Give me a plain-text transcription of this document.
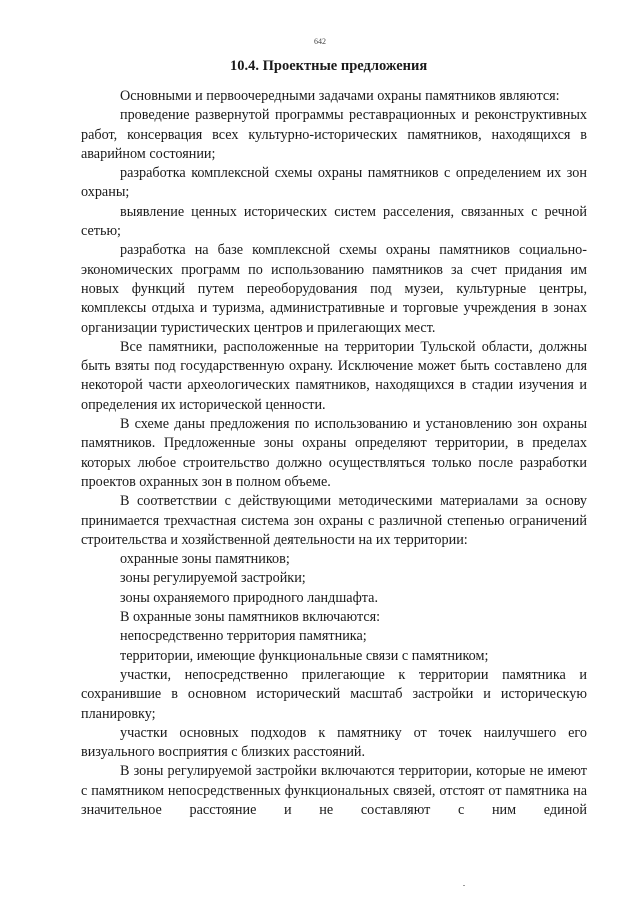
642
10.4. Проектные предложения

Основными и первоочередными задачами охраны памятников являются:

проведение развернутой программы реставрационных и реконструктивных работ, консервация всех культурно-исторических памятников, находящихся в аварийном состоянии;

разработка комплексной схемы охраны памятников с определением их зон охраны;

выявление ценных исторических систем расселения, связанных с речной сетью;

разработка на базе комплексной схемы охраны памятников социально-экономических программ по использованию памятников за счет придания им новых функций путем переоборудования под музеи, культурные центры, комплексы отдыха и туризма, административные и торговые учреждения в зонах организации туристических центров и прилегающих мест.

Все памятники, расположенные на территории Тульской области, должны быть взяты под государственную охрану. Исключение может быть составлено для некоторой части археологических памятников, находящихся в стадии изучения и определения их исторической ценности.

В схеме даны предложения по использованию и установлению зон охраны памятников. Предложенные зоны охраны определяют территории, в пределах которых любое строительство должно осуществляться только после разработки проектов охранных зон в полном объеме.

В соответствии с действующими методическими материалами за основу принимается трехчастная система зон охраны с различной степенью ограничений строительства и хозяйственной деятельности на их территории:

охранные зоны памятников;

зоны регулируемой застройки;

зоны охраняемого природного ландшафта.

В охранные зоны памятников включаются:

непосредственно территория памятника;

территории, имеющие функциональные связи с памятником;

участки, непосредственно прилегающие к территории памятника и сохранившие в основном исторический масштаб застройки и историческую планировку;

участки основных подходов к памятнику от точек наилучшего его визуального восприятия с близких расстояний.

В зоны регулируемой застройки включаются территории, которые не имеют с памятником непосредственных функциональных связей, отстоят от памятника на значительное расстояние и не составляют с ним единой
